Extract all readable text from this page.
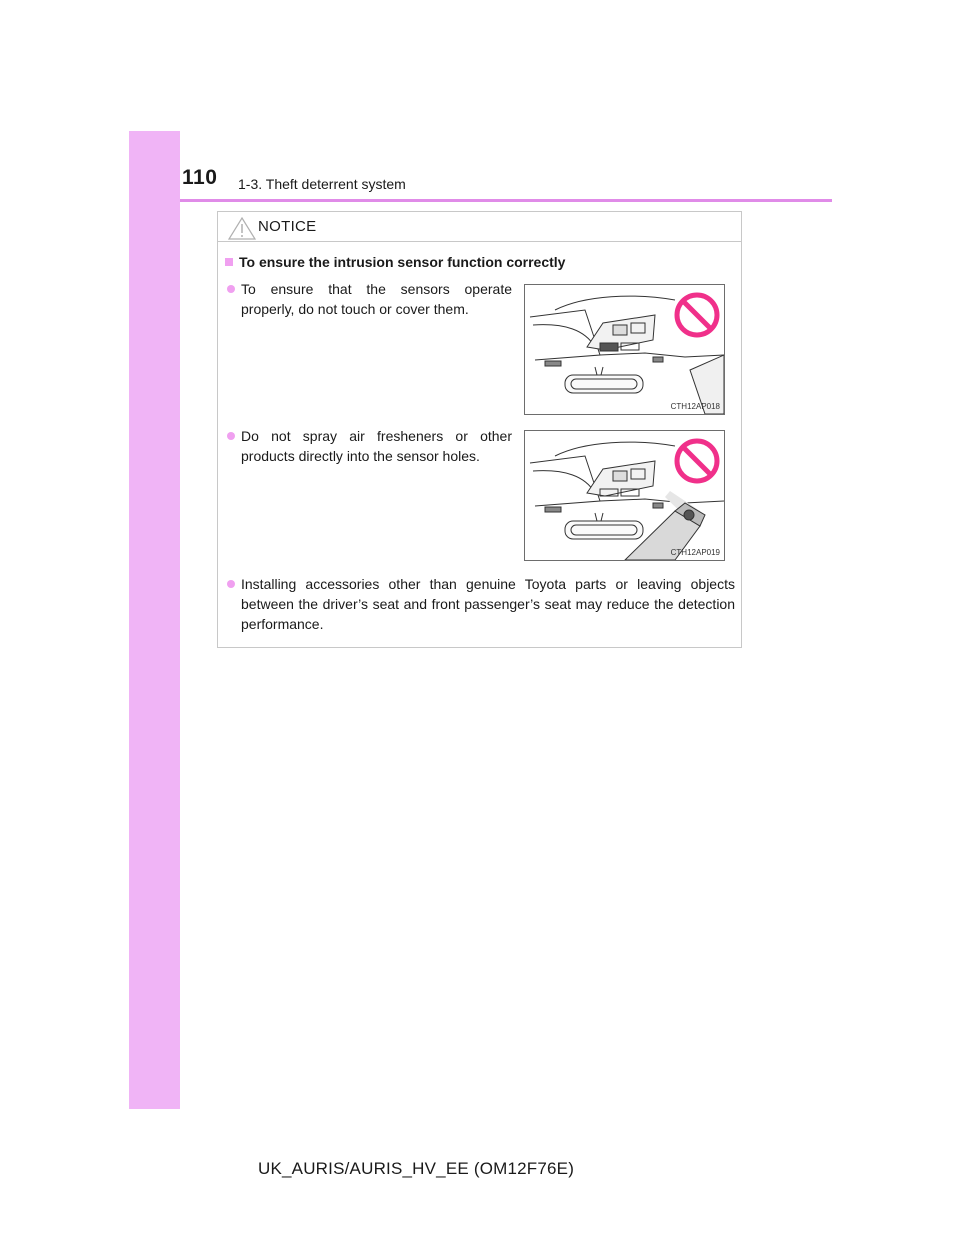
110 1-3. Theft deterrent system
NOTICE
To ensure the intrusion sensor function correctly
To ensure that the sensors operate properly, do not touch or cover them.
Do not spray air fresheners or other products directly into the sensor holes.
Installing accessories other than genuine Toyota parts or leaving objects between the driver’s seat and front passenger’s seat may reduce the detection performance.
CTH12AP018
CTH12AP019
UK_AURIS/AURIS_HV_EE (OM12F76E)
